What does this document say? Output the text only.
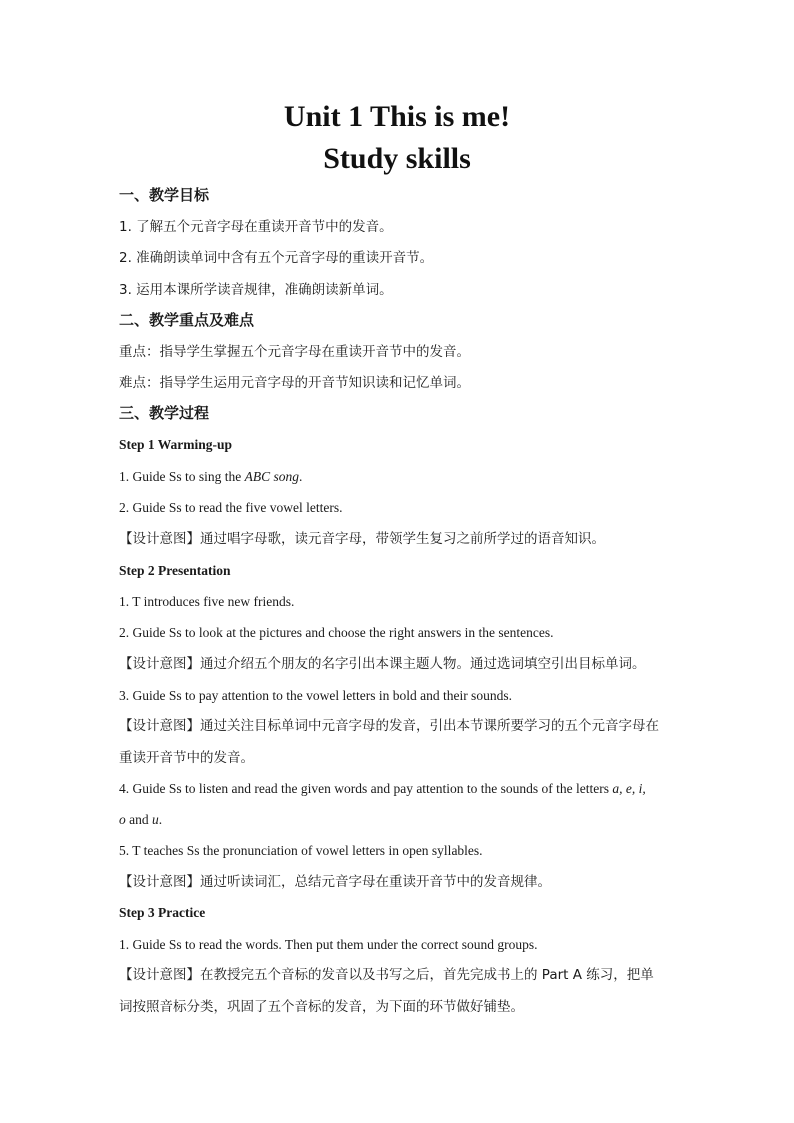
Unit 1 This is me!
Study skills
一、教学目标
1. 了解五个元音字母在重读开音节中的发音。
2. 准确朗读单词中含有五个元音字母的重读开音节。
3. 运用本课所学读音规律，准确朗读新单词。
二、教学重点及难点
重点：指导学生掌握五个元音字母在重读开音节中的发音。
难点：指导学生运用元音字母的开音节知识读和记忆单词。
三、教学过程
Step 1 Warming-up
1. Guide Ss to sing the ABC song.
2. Guide Ss to read the five vowel letters.
【设计意图】通过唱字母歌，读元音字母，带领学生复习之前所学过的语音知识。
Step 2 Presentation
1. T introduces five new friends.
2. Guide Ss to look at the pictures and choose the right answers in the sentences.
【设计意图】通过介绍五个朋友的名字引出本课主题人物。通过选词填空引出目标单词。
3. Guide Ss to pay attention to the vowel letters in bold and their sounds.
【设计意图】通过关注目标单词中元音字母的发音，引出本节课所要学习的五个元音字母在
重读开音节中的发音。
4. Guide Ss to listen and read the given words and pay attention to the sounds of the letters a, e, i,
o and u.
5. T teaches Ss the pronunciation of vowel letters in open syllables.
【设计意图】通过听读词汇，总结元音字母在重读开音节中的发音规律。
Step 3 Practice
1. Guide Ss to read the words. Then put them under the correct sound groups.
【设计意图】在教授完五个音标的发音以及书写之后，首先完成书上的 Part A 练习，把单
词按照音标分类，巩固了五个音标的发音，为下面的环节做好铺垫。
